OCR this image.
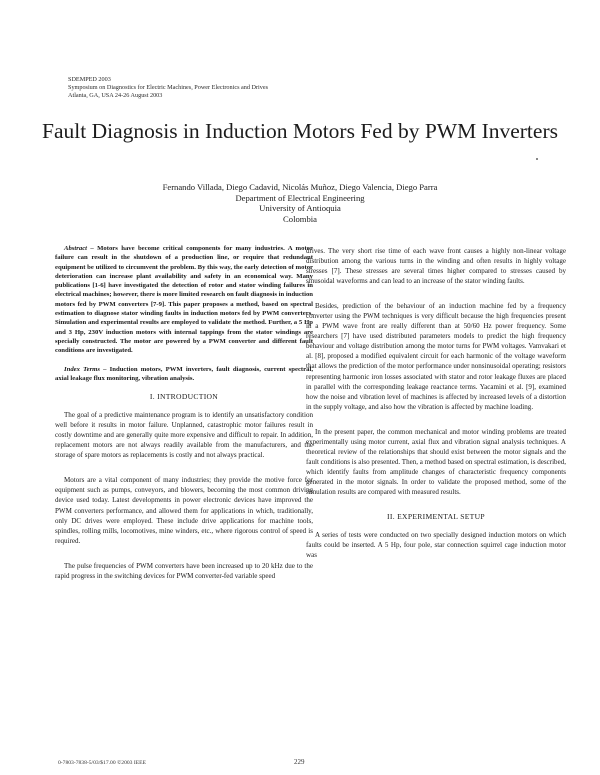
SDEMPED 2003
Symposium on Diagnostics for Electric Machines, Power Electronics and Drives
Atlanta, GA, USA 24-26 August 2003
Fault Diagnosis in Induction Motors Fed by PWM Inverters
Fernando Villada, Diego Cadavid, Nicolás Muñoz, Diego Valencia, Diego Parra
Department of Electrical Engineering
University of Antioquia
Colombia

Abstract – Motors have become critical components for many industries. A motor failure can result in the shutdown of a production line, or require that redundant equipment be utilized to circumvent the problem. By this way, the early detection of motor deterioration can increase plant availability and safety in an economical way. Many publications [1-6] have investigated the detection of rotor and stator winding failures in electrical machines; however, there is more limited research on fault diagnosis in induction motors fed by PWM converters [7-9]. This paper proposes a method, based on spectral estimation to diagnose stator winding faults in induction motors fed by PWM converters. Simulation and experimental results are employed to validate the method. Further, a 5 Hp and 3 Hp, 230V induction motors with internal tappings from the stator windings are specially constructed. The motor are powered by a PWM converter and different fault conditions are investigated.

Index Terms – Induction motors, PWM inverters, fault diagnosis, current spectral, axial leakage flux monitoring, vibration analysis.

I. INTRODUCTION

The goal of a predictive maintenance program is to identify an unsatisfactory condition well before it results in motor failure. Unplanned, catastrophic motor failures result in costly downtime and are generally quite more expensive and difficult to repair. In addition, replacement motors are not always readily available from the manufacturers, and the storage of spare motors as replacements is costly and not always practical.

Motors are a vital component of many industries; they provide the motive force for equipment such as pumps, conveyors, and blowers, becoming the most common driving device used today. Latest developments in power electronic devices have improved the PWM converters performance, and allowed them for applications in which, traditionally, only DC drives were employed. These include drive applications for machine tools, spindles, rolling mills, locomotives, mine winders, etc., where rigorous control of speed is required.

The pulse frequencies of PWM converters have been increased up to 20 kHz due to the rapid progress in the switching devices for PWM converter-fed variable speed

drives. The very short rise time of each wave front causes a highly non-linear voltage distribution among the various turns in the winding and often results in highly voltage stresses [7]. These stresses are several times higher compared to stresses caused by sinusoidal waveforms and can lead to an increase of the stator winding faults.

Besides, prediction of the behaviour of an induction machine fed by a frequency converter using the PWM techniques is very difficult because the high frequencies present in a PWM wave front are really different than at 50/60 Hz power frequency. Some researchers [7] have used distributed parameters models to predict the high frequency behaviour and voltage distribution among the motor turns for PWM voltages. Vamvakari et al. [8], proposed a modified equivalent circuit for each harmonic of the voltage waveform that allows the prediction of the motor performance under nonsinusoidal operating; resistors representing harmonic iron losses associated with stator and rotor leakage fluxes are placed in parallel with the corresponding leakage reactance terms. Yacamini et al. [9], examined how the noise and vibration level of machines is affected by increased levels of a distortion in the supply voltage, and also how the vibration is affected by machine loading.

In the present paper, the common mechanical and motor winding problems are treated experimentally using motor current, axial flux and vibration signal analysis techniques. A theoretical review of the relationships that should exist between the motor signals and the fault conditions is also presented. Then, a method based on spectral estimation, is described, which identify faults from amplitude changes of characteristic frequency components generated in the motor signals. In order to validate the proposed method, some of the simulation results are compared with measured results.

II. EXPERIMENTAL SETUP

A series of tests were conducted on two specially designed induction motors on which faults could be inserted. A 5 Hp, four pole, star connection squirrel cage induction motor was

0-7803-7838-5/03/$17.00 ©2003 IEEE	229
